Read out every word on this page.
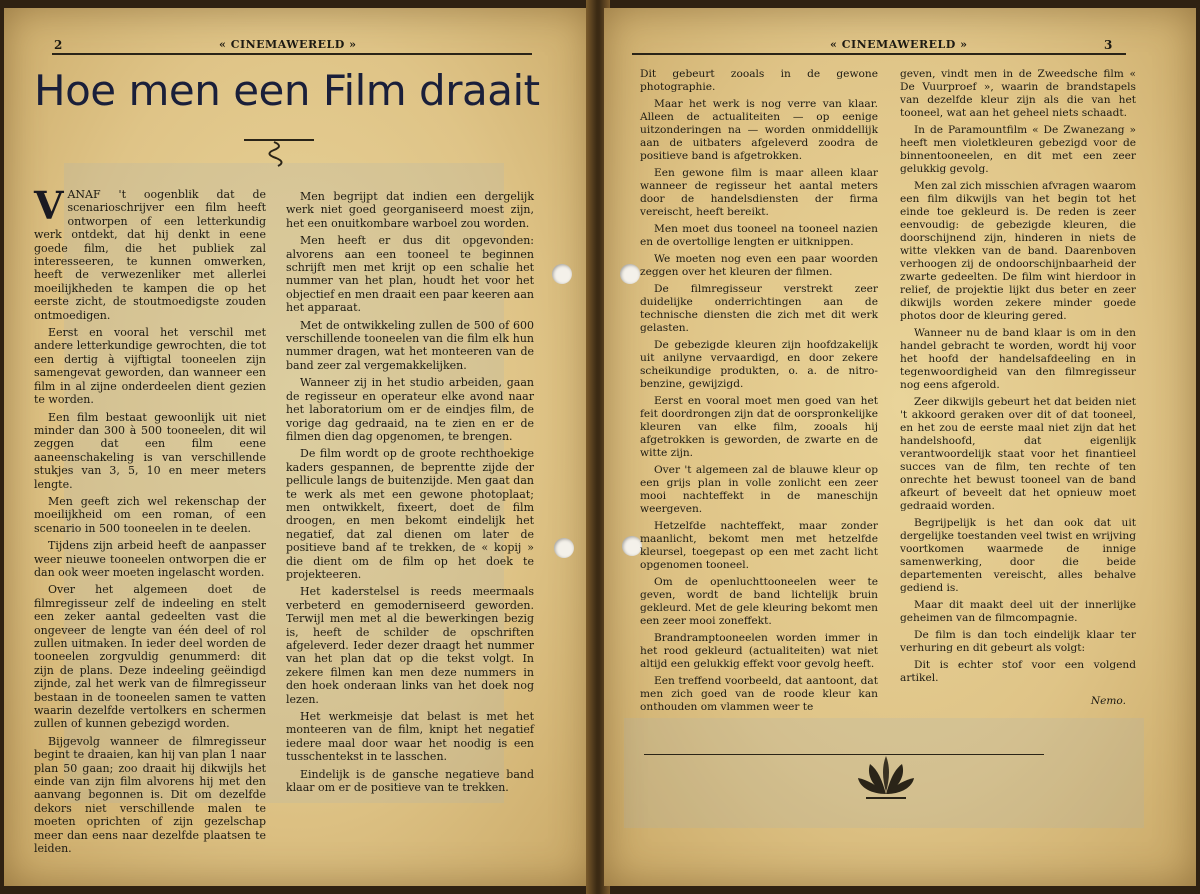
2	« CINEMAWERELD »
Hoe men een Film draait

VANAF 't oogenblik dat de scenarioschrijver een film heeft ontworpen of een letterkundig werk ontdekt, dat hij denkt in eene goede film, die het publiek zal interesseeren, te kunnen omwerken, heeft de verwezenliker met allerlei moeilijkheden te kampen die op het eerste zicht, de stoutmoedigste zouden ontmoedigen.

Eerst en vooral het verschil met andere letterkundige gewrochten, die tot een dertig à vijftigtal tooneelen zijn samengevat geworden, dan wanneer een film in al zijne onderdeelen dient gezien te worden.

Een film bestaat gewoonlijk uit niet minder dan 300 à 500 tooneelen, dit wil zeggen dat een film eene aaneenschakeling is van verschillende stukjes van 3, 5, 10 en meer meters lengte.

Men geeft zich wel rekenschap der moeilijkheid om een roman, of een scenario in 500 tooneelen in te deelen.

Tijdens zijn arbeid heeft de aanpasser weer nieuwe tooneelen ontworpen die er dan ook weer moeten ingelascht worden.

Over het algemeen doet de filmregisseur zelf de indeeling en stelt een zeker aantal gedeelten vast die ongeveer de lengte van één deel of rol zullen uitmaken. In ieder deel worden de tooneelen zorgvuldig genummerd: dit zijn de plans. Deze indeeling geëindigd zijnde, zal het werk van de filmregisseur bestaan in de tooneelen samen te vatten waarin dezelfde vertolkers en schermen zullen of kunnen gebezigd worden.

Bijgevolg wanneer de filmregisseur begint te draaien, kan hij van plan 1 naar plan 50 gaan; zoo draait hij dikwijls het einde van zijn film alvorens hij met den aanvang begonnen is. Dit om dezelfde dekors niet verschillende malen te moeten oprichten of zijn gezelschap meer dan eens naar dezelfde plaatsen te leiden.

Men begrijpt dat indien een dergelijk werk niet goed georganiseerd moest zijn, het een onuitkombare warboel zou worden.

Men heeft er dus dit opgevonden: alvorens aan een tooneel te beginnen schrijft men met krijt op een schalie het nummer van het plan, houdt het voor het objectief en men draait een paar keeren aan het apparaat.

Met de ontwikkeling zullen de 500 of 600 verschillende tooneelen van die film elk hun nummer dragen, wat het monteeren van de band zeer zal vergemakkelijken.

Wanneer zij in het studio arbeiden, gaan de regisseur en operateur elke avond naar het laboratorium om er de eindjes film, de vorige dag gedraaid, na te zien en er de filmen dien dag opgenomen, te brengen.

De film wordt op de groote rechthoekige kaders gespannen, de beprentte zijde der pellicule langs de buitenzijde. Men gaat dan te werk als met een gewone photoplaat; men ontwikkelt, fixeert, doet de film droogen, en men bekomt eindelijk het negatief, dat zal dienen om later de positieve band af te trekken, de « kopij » die dient om de film op het doek te projekteeren.

Het kaderstelsel is reeds meermaals verbeterd en gemoderniseerd geworden. Terwijl men met al die bewerkingen bezig is, heeft de schilder de opschriften afgeleverd. Ieder dezer draagt het nummer van het plan dat op die tekst volgt. In zekere filmen kan men deze nummers in den hoek onderaan links van het doek nog lezen.

Het werkmeisje dat belast is met het monteeren van de film, knipt het negatief iedere maal door waar het noodig is een tusschentekst in te lasschen.

Eindelijk is de gansche negatieve band klaar om er de positieve van te trekken.

« CINEMAWERELD »	3

Dit gebeurt zooals in de gewone photographie.

Maar het werk is nog verre van klaar. Alleen de actualiteiten — op eenige uitzonderingen na — worden onmiddellijk aan de uitbaters afgeleverd zoodra de positieve band is afgetrokken.

Een gewone film is maar alleen klaar wanneer de regisseur het aantal meters door de handelsdiensten der firma vereischt, heeft bereikt.

Men moet dus tooneel na tooneel nazien en de overtollige lengten er uitknippen.

We moeten nog even een paar woorden zeggen over het kleuren der filmen.

De filmregisseur verstrekt zeer duidelijke onderrichtingen aan de technische diensten die zich met dit werk gelasten.

De gebezigde kleuren zijn hoofdzakelijk uit anilyne vervaardigd, en door zekere scheikundige produkten, o. a. de nitro-benzine, gewijzigd.

Eerst en vooral moet men goed van het feit doordrongen zijn dat de oorspronkelijke kleuren van elke film, zooals hij afgetrokken is geworden, de zwarte en de witte zijn.

Over 't algemeen zal de blauwe kleur op een grijs plan in volle zonlicht een zeer mooi nachteffekt in de maneschijn weergeven.

Hetzelfde nachteffekt, maar zonder maanlicht, bekomt men met hetzelfde kleursel, toegepast op een met zacht licht opgenomen tooneel.

Om de openluchttooneelen weer te geven, wordt de band lichtelijk bruin gekleurd. Met de gele kleuring bekomt men een zeer mooi zoneffekt.

Brandramptooneelen worden immer in het rood gekleurd (actualiteiten) wat niet altijd een gelukkig effekt voor gevolg heeft.

Een treffend voorbeeld, dat aantoont, dat men zich goed van de roode kleur kan onthouden om vlammen weer te

geven, vindt men in de Zweedsche film « De Vuurproef », waarin de brandstapels van dezelfde kleur zijn als die van het tooneel, wat aan het geheel niets schaadt.

In de Paramountfilm « De Zwanezang » heeft men violetkleuren gebezigd voor de binnentooneelen, en dit met een zeer gelukkig gevolg.

Men zal zich misschien afvragen waarom een film dikwijls van het begin tot het einde toe gekleurd is. De reden is zeer eenvoudig: de gebezigde kleuren, die doorschijnend zijn, hinderen in niets de witte vlekken van de band. Daarenboven verhoogen zij de ondoorschijnbaarheid der zwarte gedeelten. De film wint hierdoor in relief, de projektie lijkt dus beter en zeer dikwijls worden zekere minder goede photos door de kleuring gered.

Wanneer nu de band klaar is om in den handel gebracht te worden, wordt hij voor het hoofd der handelsafdeeling en in tegenwoordigheid van den filmregisseur nog eens afgerold.

Zeer dikwijls gebeurt het dat beiden niet 't akkoord geraken over dit of dat tooneel, en het zou de eerste maal niet zijn dat het handelshoofd, dat eigenlijk verantwoordelijk staat voor het finantieel succes van de film, ten rechte of ten onrechte het bewust tooneel van de band afkeurt of beveelt dat het opnieuw moet gedraaid worden.

Begrijpelijk is het dan ook dat uit dergelijke toestanden veel twist en wrijving voortkomen waarmede de innige samenwerking, door die beide departementen vereischt, alles behalve gediend is.

Maar dit maakt deel uit der innerlijke geheimen van de filmcompagnie.

De film is dan toch eindelijk klaar ter verhuring en dit gebeurt als volgt:

Dit is echter stof voor een volgend artikel.

Nemo.
